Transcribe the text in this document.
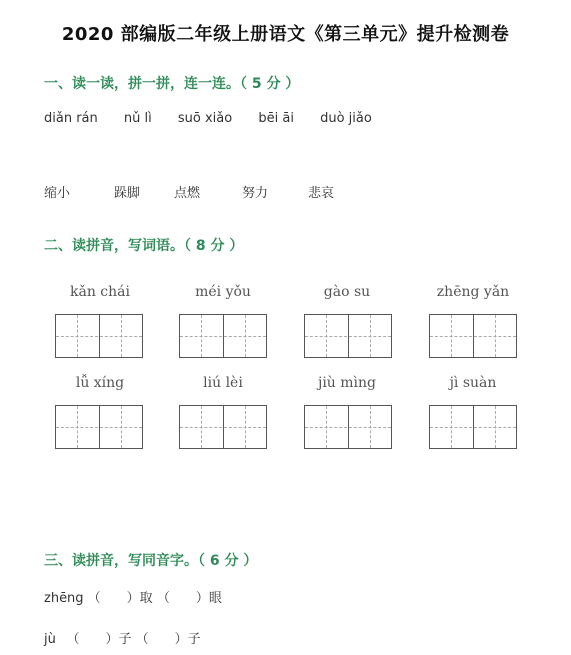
2020 部编版二年级上册语文《第三单元》提升检测卷
一、读一读，拼一拼，连一连。（ 5 分 ）
diǎn rán nǔ lì suō xiǎo bēi āi duò jiǎo
缩小	跺脚	点燃	努力	悲哀
二、读拼音，写词语。（ 8 分 ）
kǎn chái	méi yǒu	gào su	zhēng yǎn
lǚ xíng	liú lèi	jiù mìng	jì suàn
三、读拼音，写同音字。（ 6 分 ）
zhēng （　　）取 （　　）眼
jù 　（　　）子 （　　）子
